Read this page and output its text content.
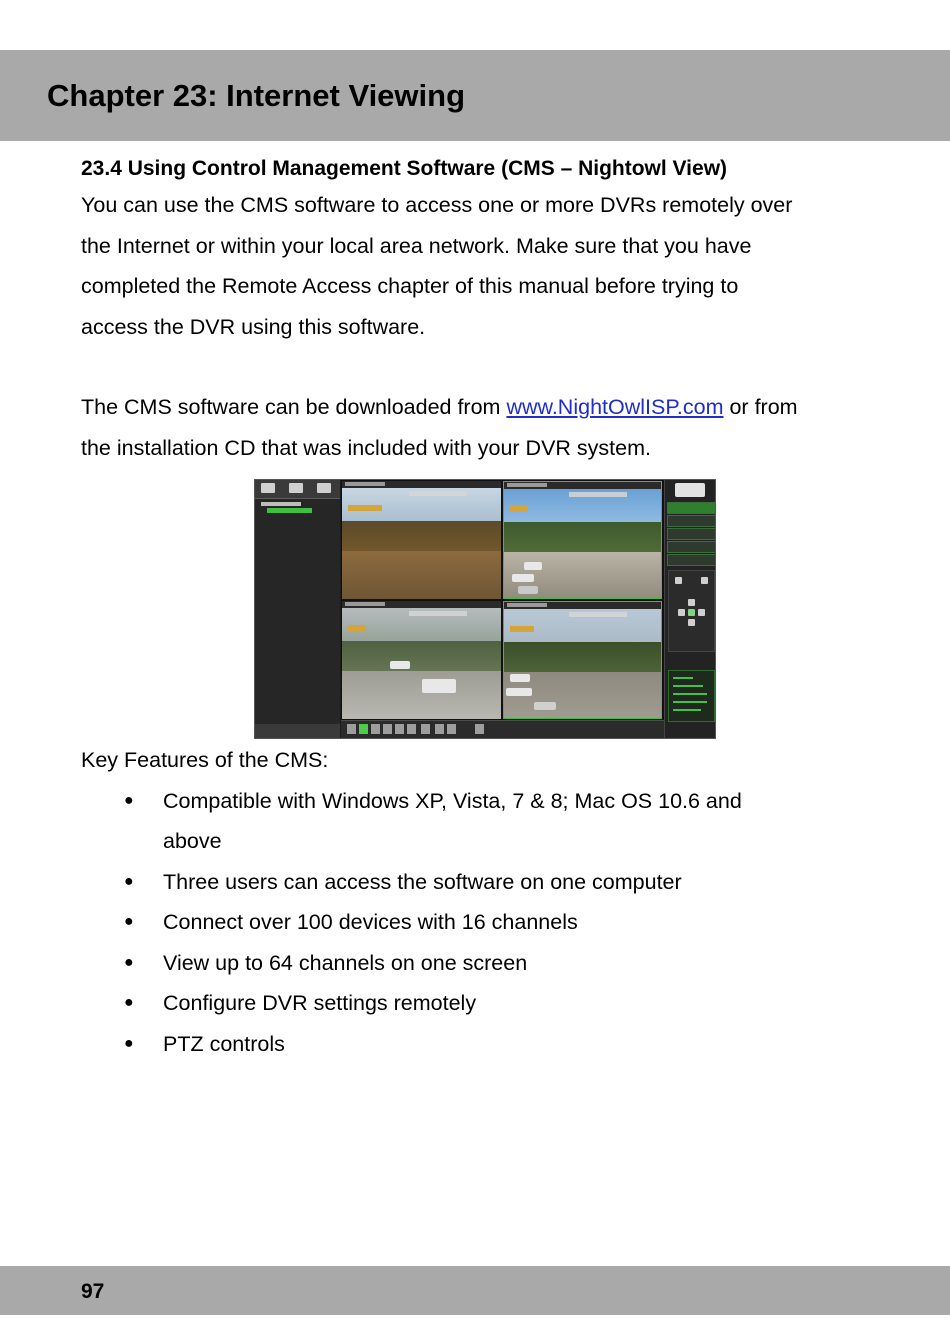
Chapter 23: Internet Viewing
23.4 Using Control Management Software (CMS – Nightowl View)

You can use the CMS software to access one or more DVRs remotely over

the Internet or within your local area network. Make sure that you have

completed the Remote Access chapter of this manual before trying to

access the DVR using this software.

The CMS software can be downloaded from www.NightOwlISP.com or from

the installation CD that was included with your DVR system.

Key Features of the CMS:

● Compatible with Windows XP, Vista, 7 & 8; Mac OS 10.6 and
above
● Three users can access the software on one computer
● Connect over 100 devices with 16 channels
● View up to 64 channels on one screen
● Configure DVR settings remotely
● PTZ controls
97
